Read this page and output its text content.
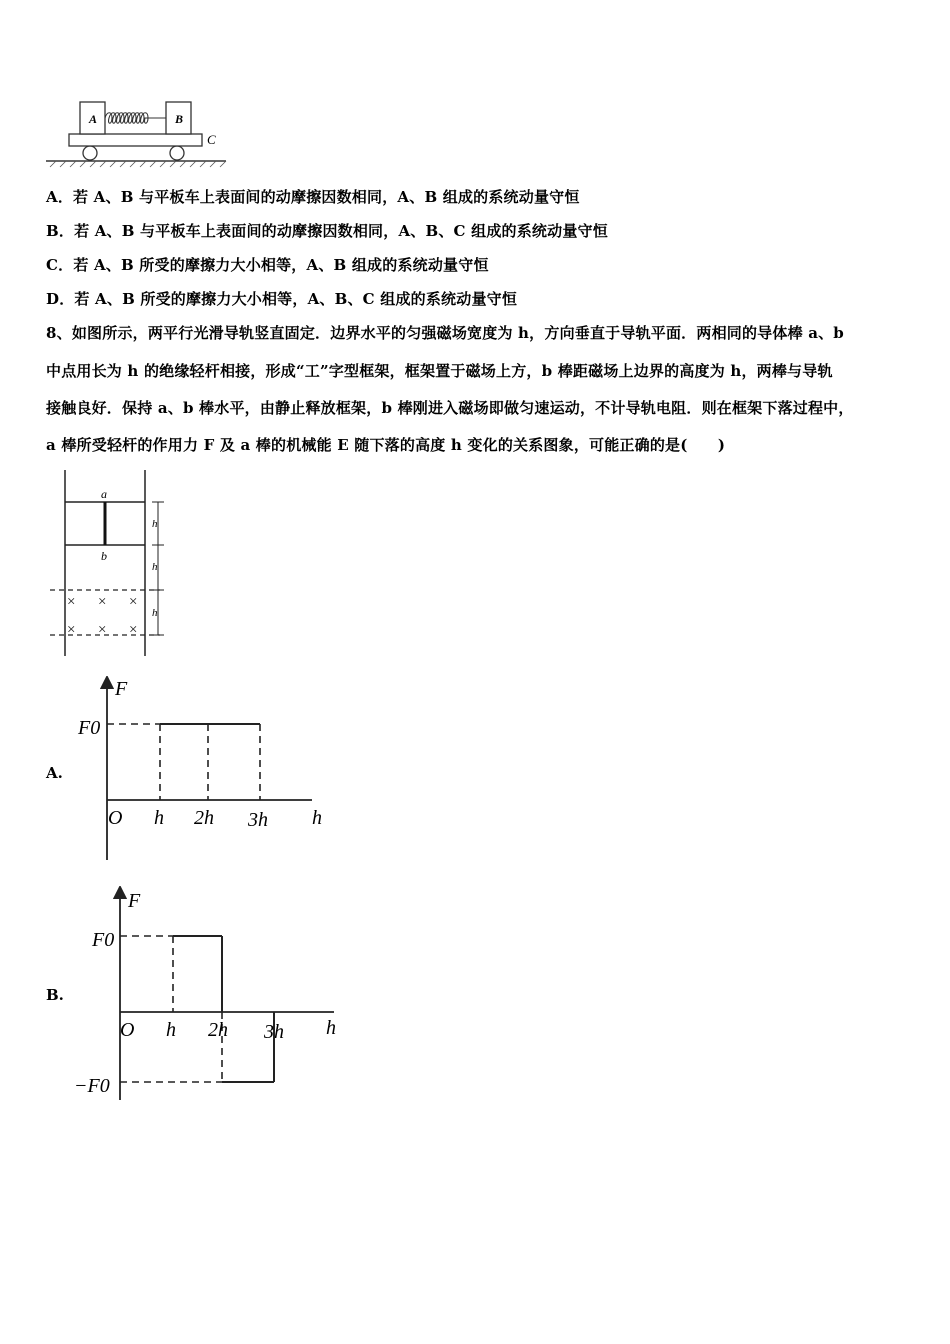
A	B
C
A．若 A、B 与平板车上表面间的动摩擦因数相同，A、B 组成的系统动量守恒
B．若 A、B 与平板车上表面间的动摩擦因数相同，A、B、C 组成的系统动量守恒
C．若 A、B 所受的摩擦力大小相等，A、B 组成的系统动量守恒
D．若 A、B 所受的摩擦力大小相等，A、B、C 组成的系统动量守恒
8、如图所示，两平行光滑导轨竖直固定．边界水平的匀强磁场宽度为 h，方向垂直于导轨平面．两相同的导体棒 a、b
中点用长为 h 的绝缘轻杆相接，形成“工”字型框架，框架置于磁场上方，b 棒距磁场上边界的高度为 h，两棒与导轨
接触良好．保持 a、b 棒水平，由静止释放框架，b 棒刚进入磁场即做匀速运动，不计导轨电阻．则在框架下落过程中，
a 棒所受轻杆的作用力 F 及 a 棒的机械能 E 随下落的高度 h 变化的关系图象，可能正确的是(　　)
a
b
× × ×
× × ×
h
h
h
A.
F
F0
O h 2h 3h h
B.
F
F0
−F0
O h 2h 3h h
